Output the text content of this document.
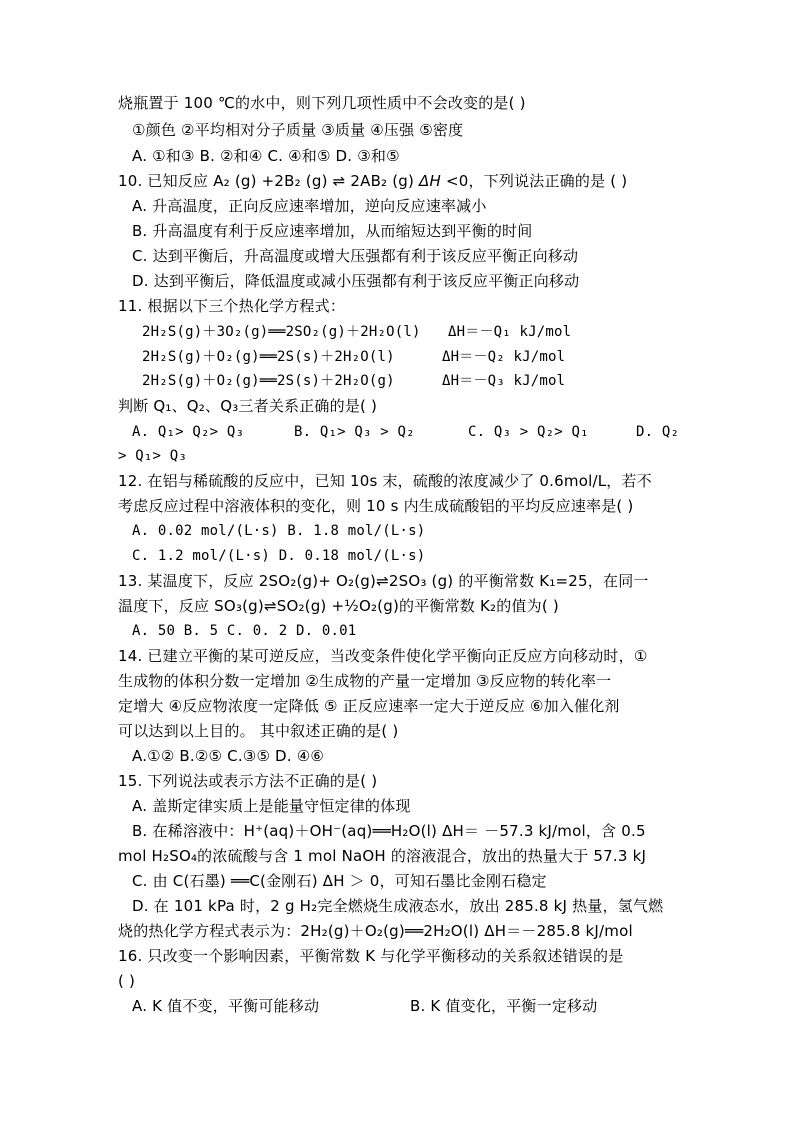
烧瓶置于 100 ℃的水中，则下列几项性质中不会改变的是( )
①颜色 ②平均相对分子质量 ③质量 ④压强 ⑤密度
A. ①和③ B. ②和④ C. ④和⑤ D. ③和⑤
10. 已知反应 A₂ (g) +2B₂ (g) ⇌ 2AB₂ (g) ΔH <0，下列说法正确的是 ( )
A. 升高温度，正向反应速率增加，逆向反应速率减小
B. 升高温度有利于反应速率增加，从而缩短达到平衡的时间
C. 达到平衡后，升高温度或增大压强都有利于该反应平衡正向移动
D. 达到平衡后，降低温度或减小压强都有利于该反应平衡正向移动
11. 根据以下三个热化学方程式：
2H₂S(g)＋3O₂(g)══2SO₂(g)＋2H₂O(l) ΔH＝－Q₁ kJ/mol
2H₂S(g)＋O₂(g)══2S(s)＋2H₂O(l)	ΔH＝－Q₂ kJ/mol
2H₂S(g)＋O₂(g)══2S(s)＋2H₂O(g)	ΔH＝－Q₃ kJ/mol
判断 Q₁、Q₂、Q₃三者关系正确的是( )
A. Q₁> Q₂> Q₃	B. Q₁> Q₃ > Q₂	C. Q₃ > Q₂> Q₁	D. Q₂
> Q₁> Q₃
12. 在铝与稀硫酸的反应中，已知 10s 末，硫酸的浓度减少了 0.6mol/L，若不
考虑反应过程中溶液体积的变化，则 10 s 内生成硫酸铝的平均反应速率是( )
A. 0.02 mol/(L·s) B. 1.8 mol/(L·s)
C. 1.2 mol/(L·s) D. 0.18 mol/(L·s)
13. 某温度下，反应 2SO₂(g)+ O₂(g)⇌2SO₃ (g) 的平衡常数 K₁=25，在同一
温度下，反应 SO₃(g)⇌SO₂(g) +½O₂(g)的平衡常数 K₂的值为( )
A. 50 B. 5 C. 0. 2 D. 0.01
14. 已建立平衡的某可逆反应，当改变条件使化学平衡向正反应方向移动时，①
生成物的体积分数一定增加 ②生成物的产量一定增加 ③反应物的转化率一
定增大 ④反应物浓度一定降低 ⑤ 正反应速率一定大于逆反应 ⑥加入催化剂
可以达到以上目的。 其中叙述正确的是( )
A.①② B.②⑤ C.③⑤ D. ④⑥
15. 下列说法或表示方法不正确的是( )
A. 盖斯定律实质上是能量守恒定律的体现
B. 在稀溶液中：H⁺(aq)＋OH⁻(aq)══H₂O(l) ΔH＝ －57.3 kJ/mol，含 0.5
mol H₂SO₄的浓硫酸与含 1 mol NaOH 的溶液混合，放出的热量大于 57.3 kJ
C. 由 C(石墨) ══C(金刚石) ΔH ＞ 0，可知石墨比金刚石稳定
D. 在 101 kPa 时，2 g H₂完全燃烧生成液态水，放出 285.8 kJ 热量，氢气燃
烧的热化学方程式表示为：2H₂(g)＋O₂(g)══2H₂O(l) ΔH＝－285.8 kJ/mol
16. 只改变一个影响因素，平衡常数 K 与化学平衡移动的关系叙述错误的是
( )
A. K 值不变，平衡可能移动	B. K 值变化，平衡一定移动
